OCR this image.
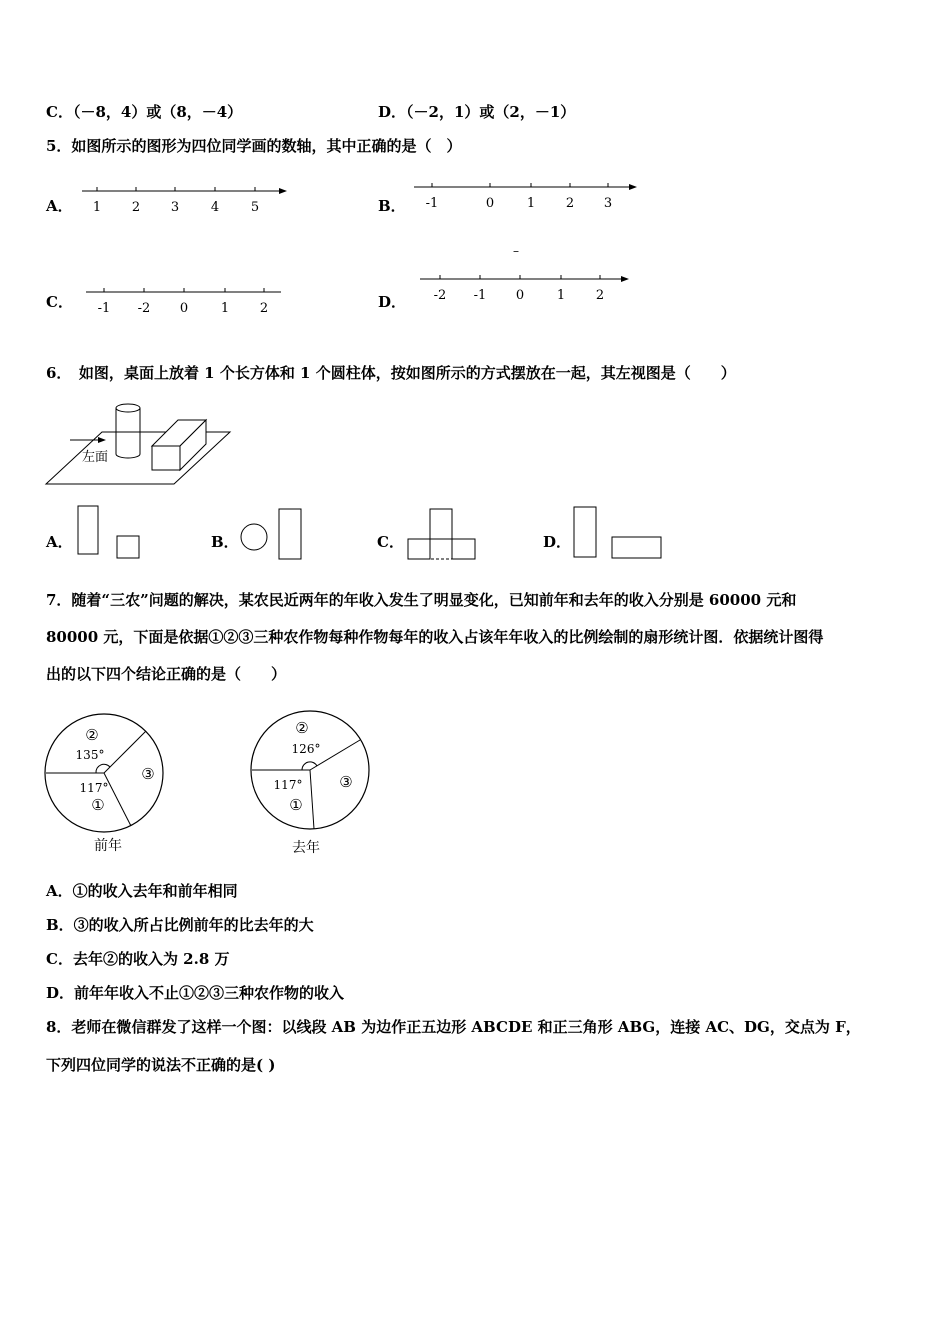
C．（－8，4）或（8，－4）	D．（－2，1）或（2，－1）
5．如图所示的图形为四位同学画的数轴，其中正确的是（　）
A． 1 2 3 4 5	B． -1	0	1 2 3
–
C． -1 -2 0	1 2	D． -2 -1 0	1 2
6．　如图，桌面上放着 1 个长方体和 1 个圆柱体，按如图所示的方式摆放在一起，其左视图是（　　）
左面
A．	B．	C．	D．
7．随着“三农”问题的解决，某农民近两年的年收入发生了明显变化，已知前年和去年的收入分别是 60000 元和
80000 元，下面是依据①②③三种农作物每种作物每年的收入占该年年收入的比例绘制的扇形统计图．依据统计图得
出的以下四个结论正确的是（　　）
②
135°
③
117°
①
前年
②
126°
③
117°
①
去年
A．①的收入去年和前年相同
B．③的收入所占比例前年的比去年的大
C．去年②的收入为 2.8 万
D．前年年收入不止①②③三种农作物的收入
8．老师在微信群发了这样一个图：以线段 AB 为边作正五边形 ABCDE 和正三角形 ABG，连接 AC、DG，交点为 F，
下列四位同学的说法不正确的是( )
